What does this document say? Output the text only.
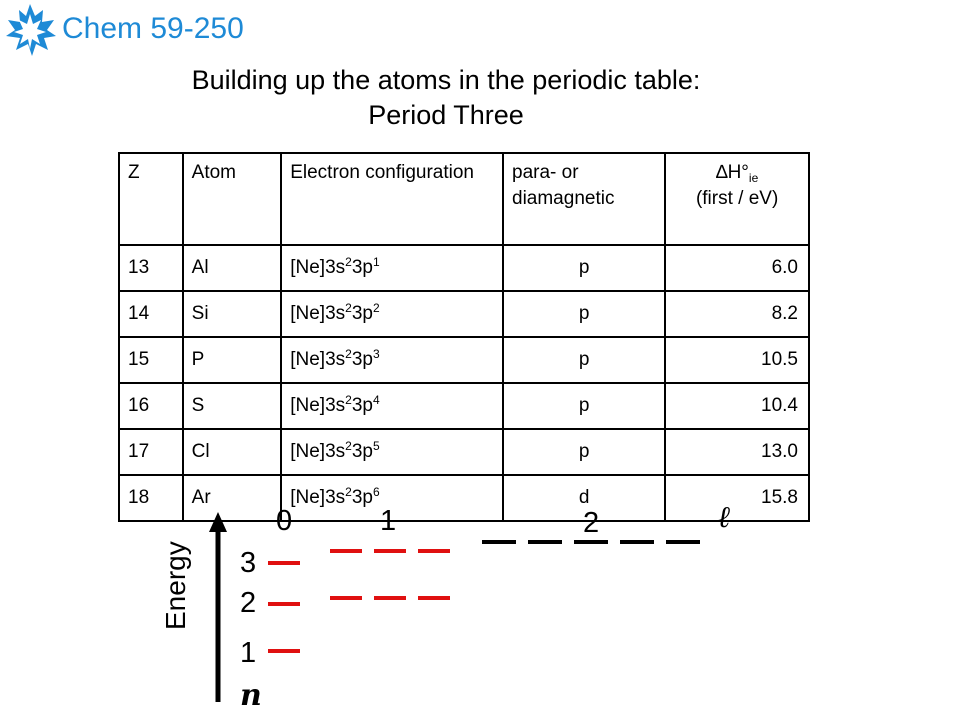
Chem 59-250
Building up the atoms in the periodic table:
Period Three
Z	Atom	Electron configuration	para- or diamagnetic	$\Delta H^\circ_{ie}$
(first / eV)
13	Al	$[Ne]3s^23p^1$	p	6.0
14	Si	$[Ne]3s^23p^2$	p	8.2
15	P	$[Ne]3s^23p^3$	p	10.5
16	S	$[Ne]3s^23p^4$	p	10.4
17	Cl	$[Ne]3s^23p^5$	p	13.0
18	Ar	$[Ne]3s^23p^6$	d	15.8
Energy
0	1	2	ℓ
3
2
1
n
